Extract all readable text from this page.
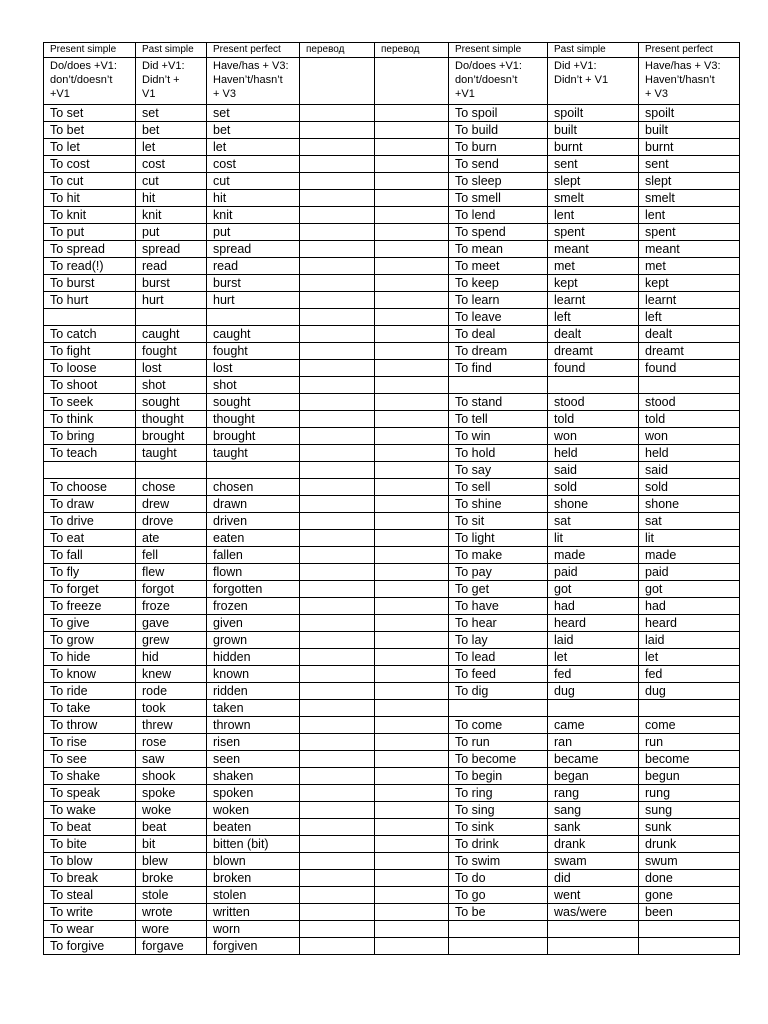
Present simple	Past simple	Present perfect	перевод	перевод	Present simple	Past simple	Present perfect
Do/does +V1:
don’t/doesn’t
+V1	Did +V1:
Didn’t +
V1	Have/has + V3:
Haven’t/hasn’t
+ V3			Do/does +V1:
don’t/doesn’t
+V1	Did +V1:
Didn’t + V1	Have/has + V3:
Haven’t/hasn’t
+ V3
To set	set	set			To spoil	spoilt	spoilt
To bet	bet	bet			To build	built	built
To let	let	let			To burn	burnt	burnt
To cost	cost	cost			To send	sent	sent
To cut	cut	cut			To sleep	slept	slept
To hit	hit	hit			To smell	smelt	smelt
To knit	knit	knit			To lend	lent	lent
To put	put	put			To spend	spent	spent
To spread	spread	spread			To mean	meant	meant
To read(!)	read	read			To meet	met	met
To burst	burst	burst			To keep	kept	kept
To hurt	hurt	hurt			To learn	learnt	learnt
					To leave	left	left
To catch	caught	caught			To deal	dealt	dealt
To fight	fought	fought			To dream	dreamt	dreamt
To loose	lost	lost			To find	found	found
To shoot	shot	shot					
To seek	sought	sought			To stand	stood	stood
To think	thought	thought			To tell	told	told
To bring	brought	brought			To win	won	won
To teach	taught	taught			To hold	held	held
					To say	said	said
To choose	chose	chosen			To sell	sold	sold
To draw	drew	drawn			To shine	shone	shone
To drive	drove	driven			To sit	sat	sat
To eat	ate	eaten			To light	lit	lit
To fall	fell	fallen			To make	made	made
To fly	flew	flown			To pay	paid	paid
To forget	forgot	forgotten			To get	got	got
To freeze	froze	frozen			To have	had	had
To give	gave	given			To hear	heard	heard
To grow	grew	grown			To lay	laid	laid
To hide	hid	hidden			To lead	let	let
To know	knew	known			To feed	fed	fed
To ride	rode	ridden			To dig	dug	dug
To take	took	taken					
To throw	threw	thrown			To come	came	come
To rise	rose	risen			To run	ran	run
To see	saw	seen			To become	became	become
To shake	shook	shaken			To begin	began	begun
To speak	spoke	spoken			To ring	rang	rung
To wake	woke	woken			To sing	sang	sung
To beat	beat	beaten			To sink	sank	sunk
To bite	bit	bitten (bit)			To drink	drank	drunk
To blow	blew	blown			To swim	swam	swum
To break	broke	broken			To do	did	done
To steal	stole	stolen			To go	went	gone
To write	wrote	written			To be	was/were	been
To wear	wore	worn					
To forgive	forgave	forgiven					
